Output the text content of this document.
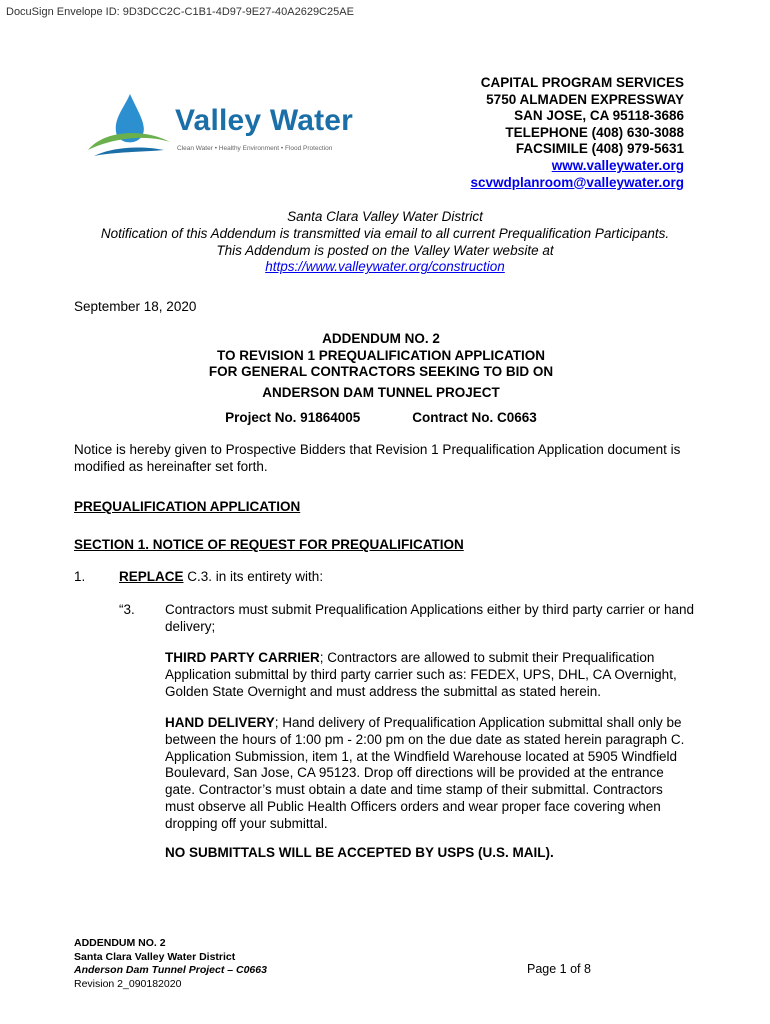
DocuSign Envelope ID: 9D3DCC2C-C1B1-4D97-9E27-40A2629C25AE
Valley Water
Clean Water • Healthy Environment • Flood Protection
CAPITAL PROGRAM SERVICES
5750 ALMADEN EXPRESSWAY
SAN JOSE, CA 95118-3686
TELEPHONE (408) 630-3088
FACSIMILE (408) 979-5631
www.valleywater.org
scvwdplanroom@valleywater.org
Santa Clara Valley Water District
Notification of this Addendum is transmitted via email to all current Prequalification Participants.
This Addendum is posted on the Valley Water website at
https://www.valleywater.org/construction
September 18, 2020
ADDENDUM NO. 2
TO REVISION 1 PREQUALIFICATION APPLICATION
FOR GENERAL CONTRACTORS SEEKING TO BID ON
ANDERSON DAM TUNNEL PROJECT
Project No. 91864005	Contract No. C0663
Notice is hereby given to Prospective Bidders that Revision 1 Prequalification Application document is modified as hereinafter set forth.
PREQUALIFICATION APPLICATION
SECTION 1. NOTICE OF REQUEST FOR PREQUALIFICATION
1. REPLACE C.3. in its entirety with:
“3. Contractors must submit Prequalification Applications either by third party carrier or hand delivery;
THIRD PARTY CARRIER; Contractors are allowed to submit their Prequalification Application submittal by third party carrier such as: FEDEX, UPS, DHL, CA Overnight, Golden State Overnight and must address the submittal as stated herein.
HAND DELIVERY; Hand delivery of Prequalification Application submittal shall only be between the hours of 1:00 pm - 2:00 pm on the due date as stated herein paragraph C. Application Submission, item 1, at the Windfield Warehouse located at 5905 Windfield Boulevard, San Jose, CA 95123. Drop off directions will be provided at the entrance gate. Contractor’s must obtain a date and time stamp of their submittal. Contractors must observe all Public Health Officers orders and wear proper face covering when dropping off your submittal.
NO SUBMITTALS WILL BE ACCEPTED BY USPS (U.S. MAIL).
ADDENDUM NO. 2
Santa Clara Valley Water District
Anderson Dam Tunnel Project – C0663
Revision 2_090182020
Page 1 of 8
